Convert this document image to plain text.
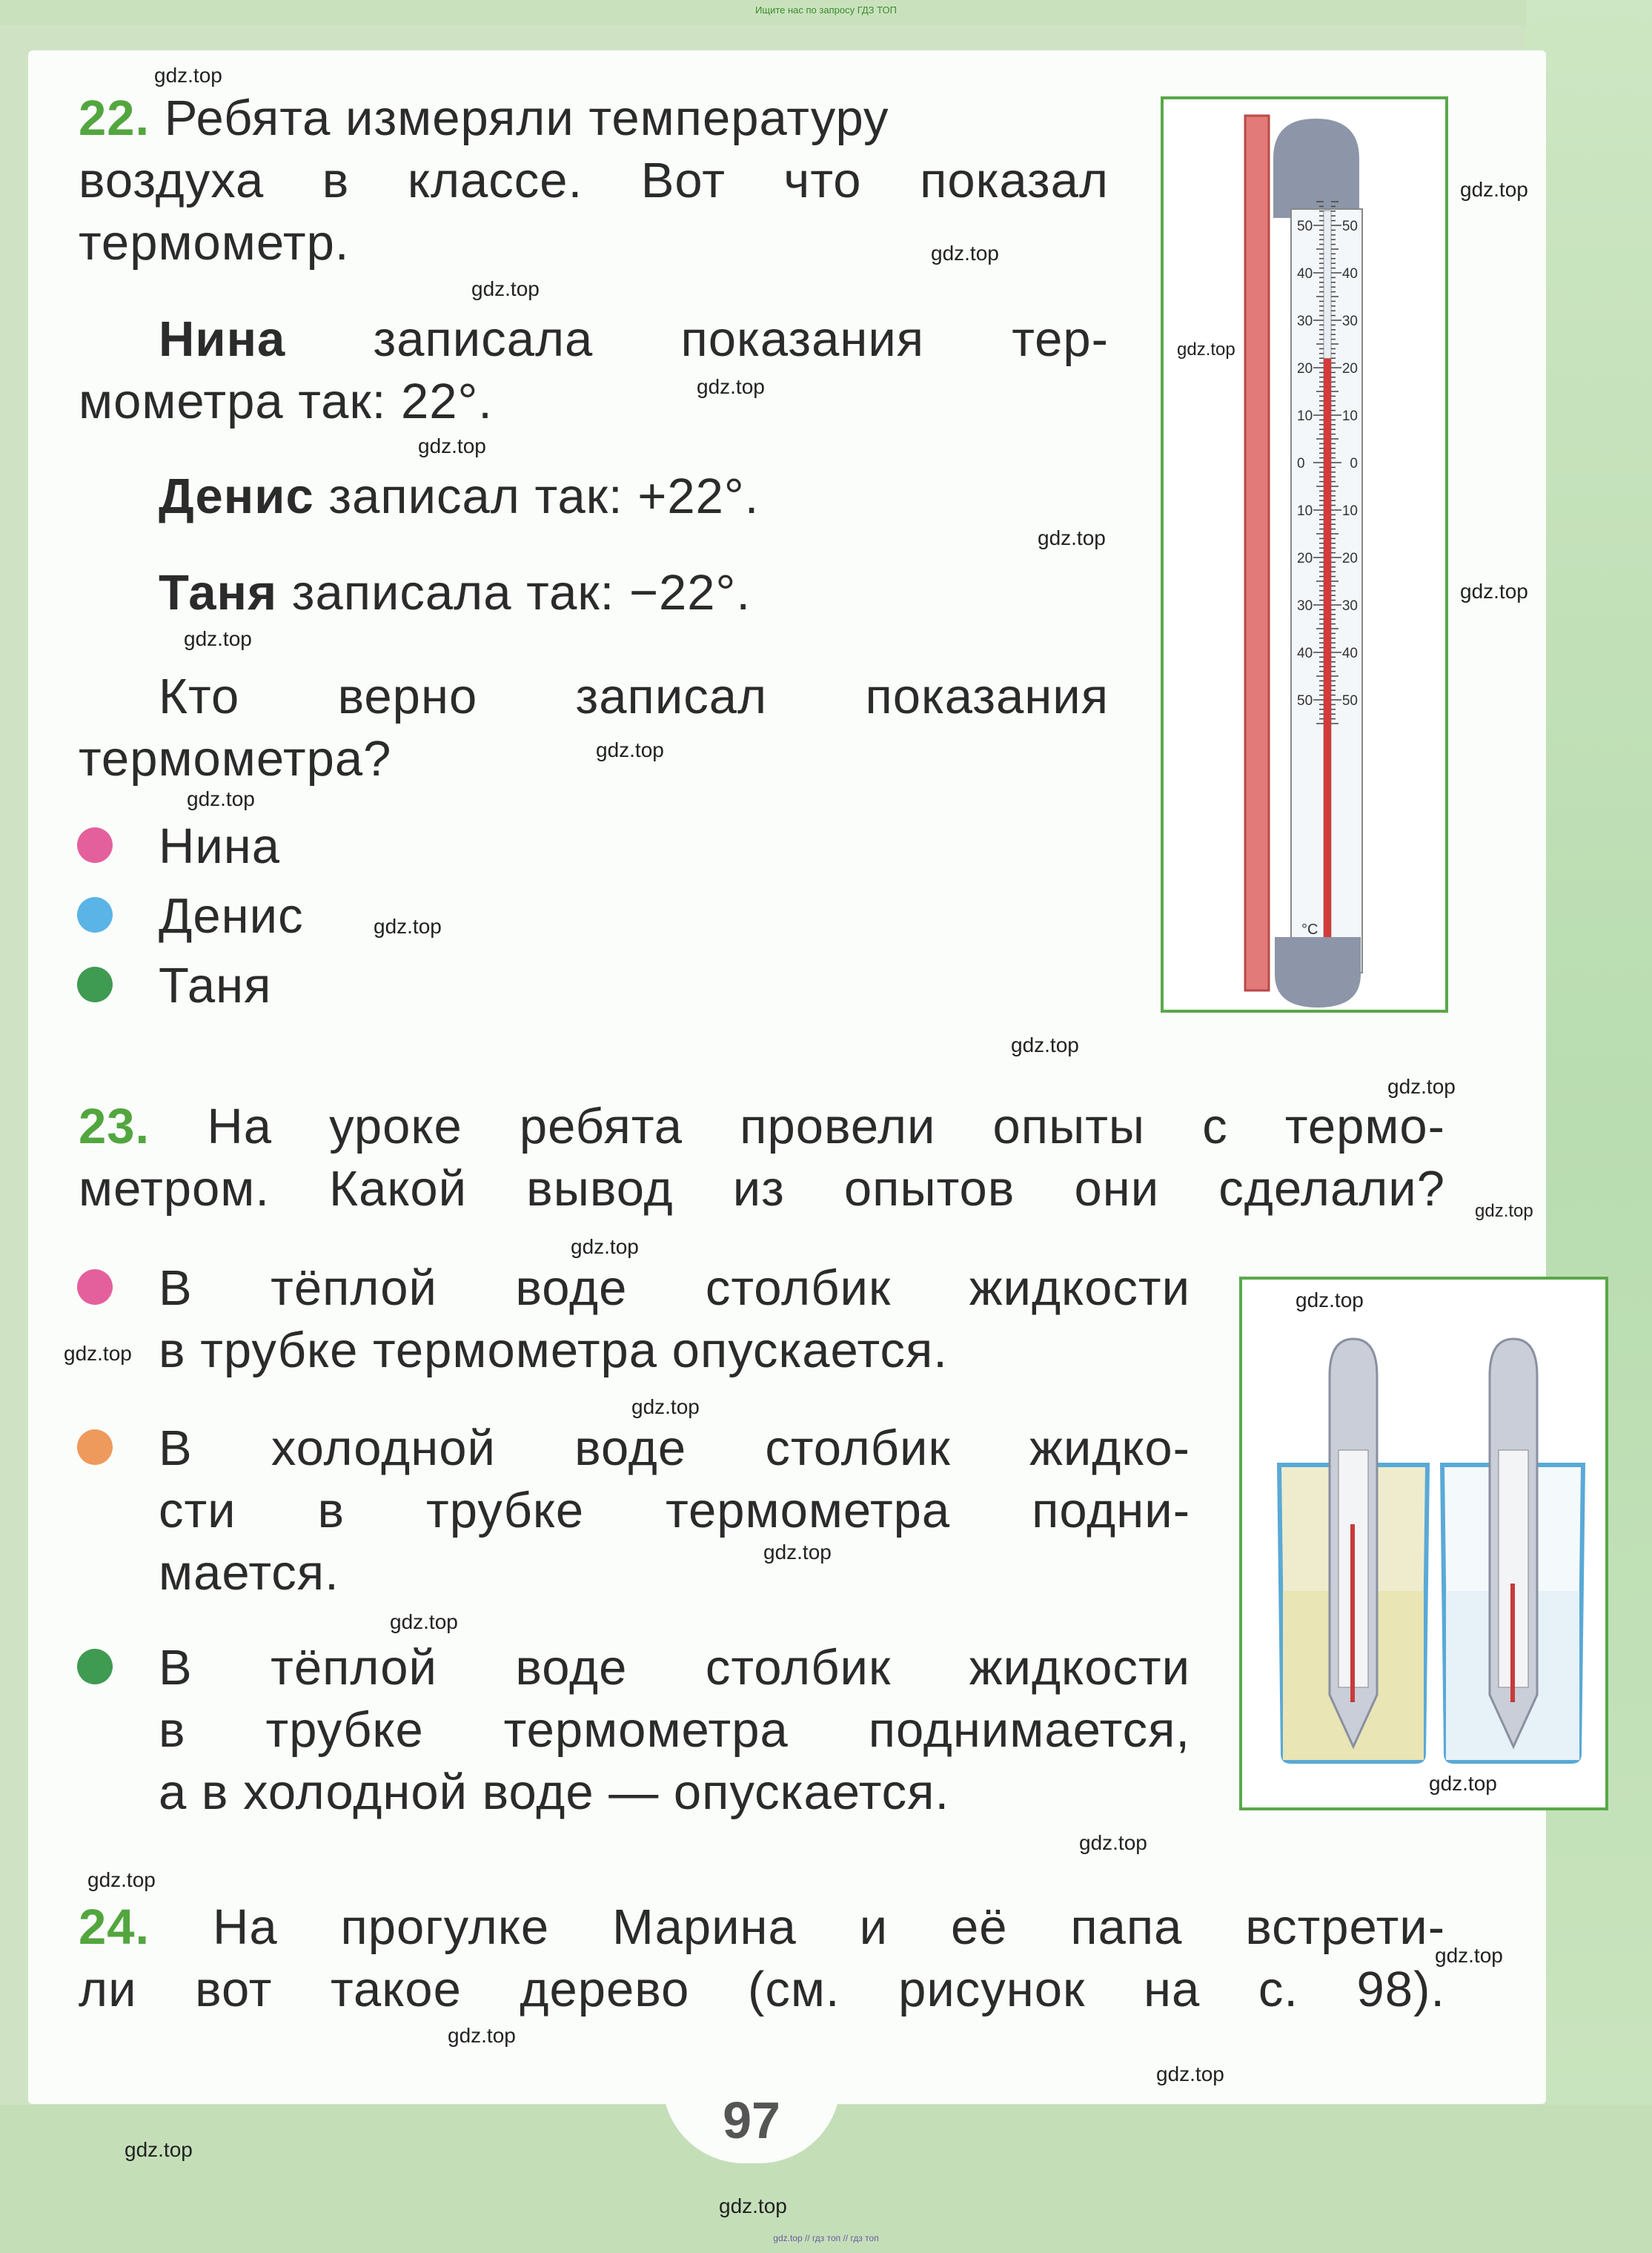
Ищите нас по запросу ГДЗ ТОП
97
gdz.top // гдз топ // гдз топ
22. Ребята измеряли температуру
воздуха в классе. Вот что показал
термометр.
Нина записала показания тер-
мометра так: 22°.
Денис записал так: +22°.
Таня записала так: −22°.
Кто верно записал показания
термометра?
Нина
Денис
Таня
50 50
40 40
30 30
20 20
10 10
0	0
10 10
20 20
30 30
40 40
50 50
°C
23. На уроке ребята провели опыты с термо-
метром. Какой вывод из опытов они сделали?
В тёплой воде столбик жидкости
в трубке термометра опускается.
В холодной воде столбик жидко-
сти в трубке термометра подни-
мается.
В тёплой воде столбик жидкости
в трубке термометра поднимается,
а в холодной воде — опускается.
24. На прогулке Марина и её папа встрети-
ли вот такое дерево (см. рисунок на с. 98).
gdz.top
gdz.top
gdz.top
gdz.top
gdz.top
gdz.top
gdz.top
gdz.top
gdz.top
gdz.top
gdz.top
gdz.top
gdz.top
gdz.top
gdz.top
gdz.top
gdz.top
gdz.top
gdz.top
gdz.top
gdz.top
gdz.top
gdz.top
gdz.top
gdz.top
gdz.top
gdz.top
gdz.top
gdz.top
gdz.top
